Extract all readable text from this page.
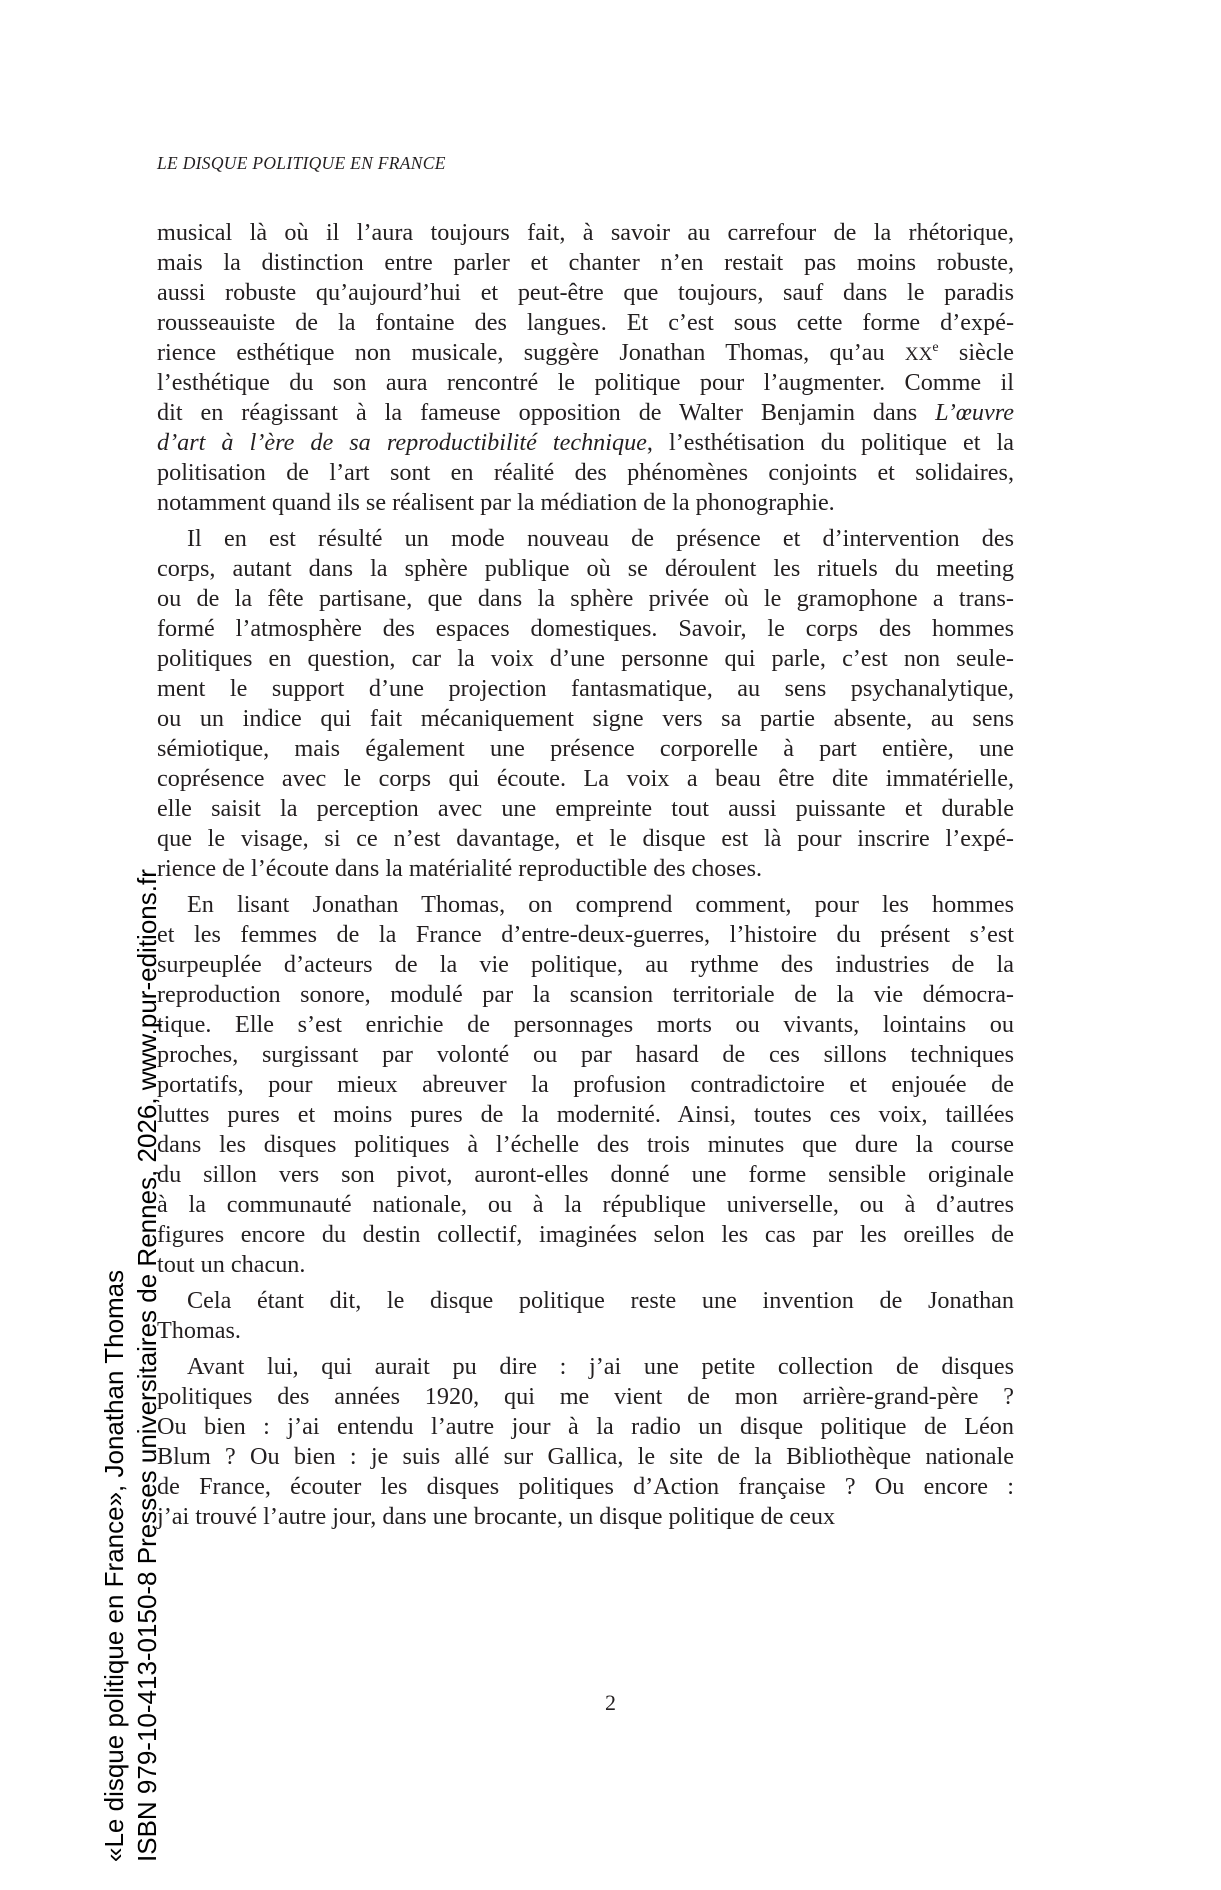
LE DISQUE POLITIQUE EN FRANCE

musical là où il l’aura toujours fait, à savoir au carrefour de la rhétorique,
mais la distinction entre parler et chanter n’en restait pas moins robuste,
aussi robuste qu’aujourd’hui et peut-être que toujours, sauf dans le paradis
rousseauiste de la fontaine des langues. Et c’est sous cette forme d’expé-
rience esthétique non musicale, suggère Jonathan Thomas, qu’au XXe siècle
l’esthétique du son aura rencontré le politique pour l’augmenter. Comme il
dit en réagissant à la fameuse opposition de Walter Benjamin dans L’œuvre
d’art à l’ère de sa reproductibilité technique, l’esthétisation du politique et la
politisation de l’art sont en réalité des phénomènes conjoints et solidaires,
notamment quand ils se réalisent par la médiation de la phonographie.
Il en est résulté un mode nouveau de présence et d’intervention des
corps, autant dans la sphère publique où se déroulent les rituels du meeting
ou de la fête partisane, que dans la sphère privée où le gramophone a trans-
formé l’atmosphère des espaces domestiques. Savoir, le corps des hommes
politiques en question, car la voix d’une personne qui parle, c’est non seule-
ment le support d’une projection fantasmatique, au sens psychanalytique,
ou un indice qui fait mécaniquement signe vers sa partie absente, au sens
sémiotique, mais également une présence corporelle à part entière, une
coprésence avec le corps qui écoute. La voix a beau être dite immatérielle,
elle saisit la perception avec une empreinte tout aussi puissante et durable
que le visage, si ce n’est davantage, et le disque est là pour inscrire l’expé-
rience de l’écoute dans la matérialité reproductible des choses.
En lisant Jonathan Thomas, on comprend comment, pour les hommes
et les femmes de la France d’entre-deux-guerres, l’histoire du présent s’est
surpeuplée d’acteurs de la vie politique, au rythme des industries de la
reproduction sonore, modulé par la scansion territoriale de la vie démocra-
tique. Elle s’est enrichie de personnages morts ou vivants, lointains ou
proches, surgissant par volonté ou par hasard de ces sillons techniques
portatifs, pour mieux abreuver la profusion contradictoire et enjouée de
luttes pures et moins pures de la modernité. Ainsi, toutes ces voix, taillées
dans les disques politiques à l’échelle des trois minutes que dure la course
du sillon vers son pivot, auront-elles donné une forme sensible originale
à la communauté nationale, ou à la république universelle, ou à d’autres
figures encore du destin collectif, imaginées selon les cas par les oreilles de
tout un chacun.
Cela étant dit, le disque politique reste une invention de Jonathan
Thomas.
Avant lui, qui aurait pu dire : j’ai une petite collection de disques
politiques des années 1920, qui me vient de mon arrière-grand-père ?
Ou bien : j’ai entendu l’autre jour à la radio un disque politique de Léon
Blum ? Ou bien : je suis allé sur Gallica, le site de la Bibliothèque nationale
de France, écouter les disques politiques d’Action française ? Ou encore :
j’ai trouvé l’autre jour, dans une brocante, un disque politique de ceux

2

«Le disque politique en France», Jonathan Thomas ISBN 979-10-413-0150-8 Presses universitaires de Rennes, 2026, www.pur-editions.fr
